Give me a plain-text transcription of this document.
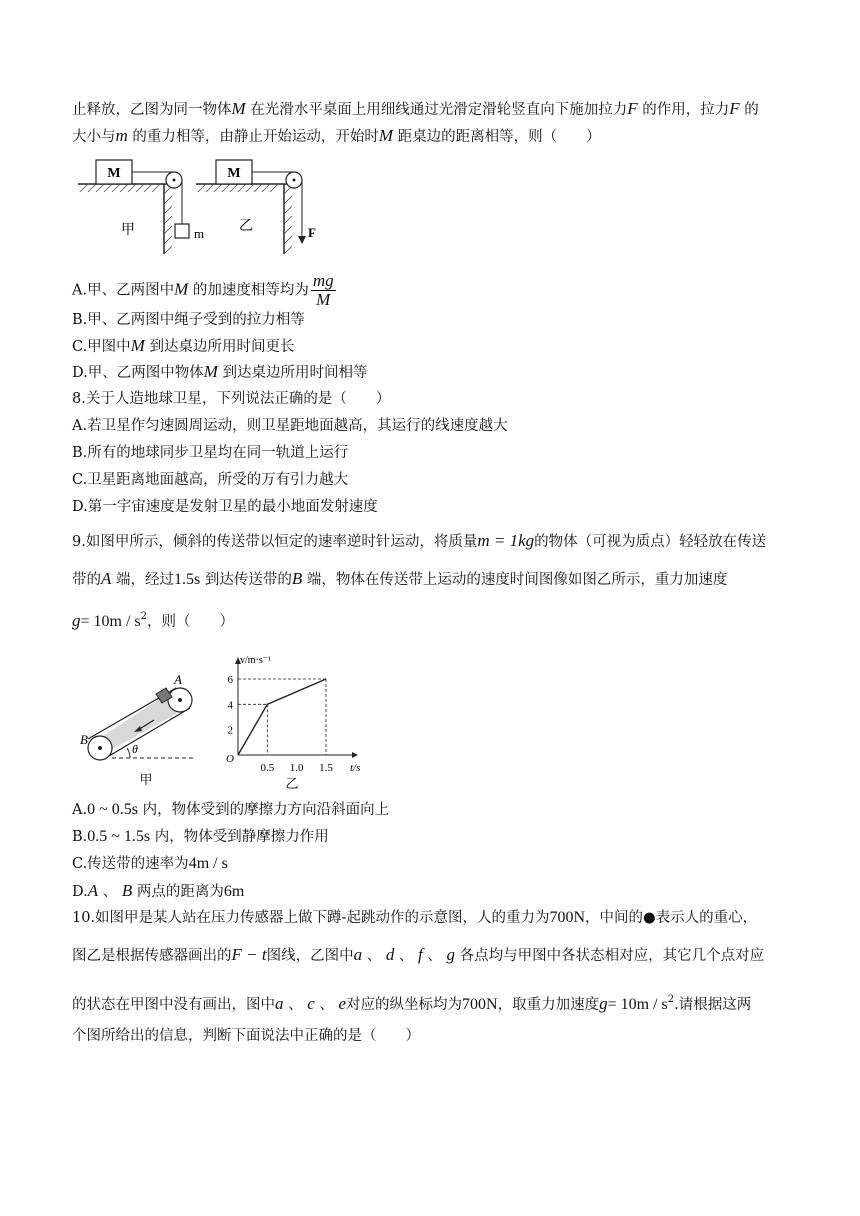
止释放，乙图为同一物体M 在光滑水平桌面上用细线通过光滑定滑轮竖直向下施加拉力F 的作用，拉力F 的
大小与m 的重力相等，由静止开始运动，开始时M 距桌边的距离相等，则（　　）
M
m
甲
M
F
乙
A.甲、乙两图中M 的加速度相等均为 $\frac{mg}{M}$
B.甲、乙两图中绳子受到的拉力相等
C.甲图中M 到达桌边所用时间更长
D.甲、乙两图中物体M 到达桌边所用时间相等
8.关于人造地球卫星，下列说法正确的是（　　）
A.若卫星作匀速圆周运动，则卫星距地面越高，其运行的线速度越大
B.所有的地球同步卫星均在同一轨道上运行
C.卫星距离地面越高，所受的万有引力越大
D.第一宇宙速度是发射卫星的最小地面发射速度
9.如图甲所示，倾斜的传送带以恒定的速率逆时针运动，将质量m = 1kg的物体（可视为质点）轻轻放在传送
带的A 端，经过1.5s 到达传送带的B 端，物体在传送带上运动的速度时间图像如图乙所示，重力加速度
$g= 10m / s^2$，则（　　）
A
B
θ
甲
v/m·s⁻¹
t/s
O
2
4
6
0.5 1.0 1.5
乙
A.0 ~ 0.5s 内，物体受到的摩擦力方向沿斜面向上
B.0.5 ~ 1.5s 内，物体受到静摩擦力作用
C.传送带的速率为4m / s
D.A 、 B 两点的距离为6m
10.如图甲是某人站在压力传感器上做下蹲-起跳动作的示意图，人的重力为700N，中间的●表示人的重心，
图乙是根据传感器画出的F − t图线，乙图中a 、 d 、 f 、 g 各点均与甲图中各状态相对应，其它几个点对应
的状态在甲图中没有画出，图中a 、 c 、 e对应的纵坐标均为700N，取重力加速度$g= 10m / s^2$.请根据这两
个图所给出的信息，判断下面说法中正确的是（　　）
